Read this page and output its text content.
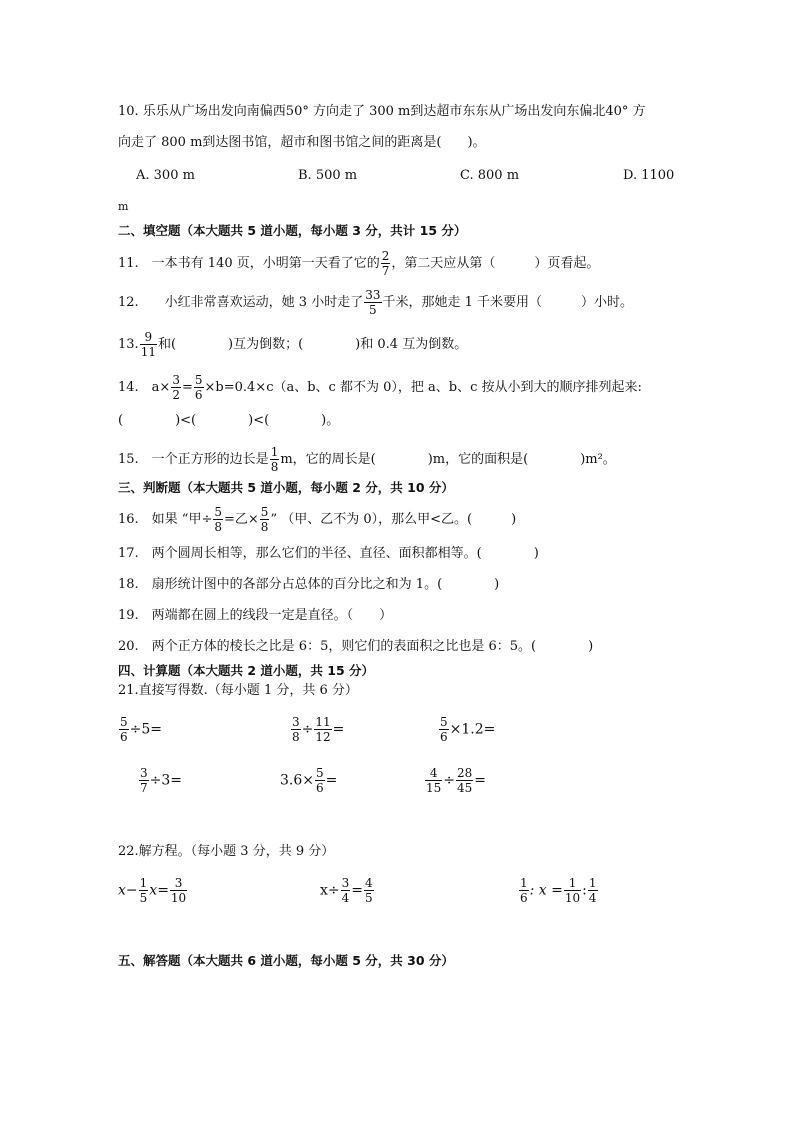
10. 乐乐从广场出发向南偏西50° 方向走了 300 m到达超市东东从广场出发向东偏北40° 方
向走了 800 m到达图书馆，超市和图书馆之间的距离是(　　)。
A. 300 m	B. 500 m	C. 800 m	D. 1100
m
二、填空题（本大题共 5 道小题，每小题 3 分，共计 15 分）
11.　一本书有 140 页，小明第一天看了它的 $\frac{2}{7}$ ，第二天应从第（　　　）页看起。
12.　　小红非常喜欢运动，她 3 小时走了 $\frac{33}{5}$ 千米，那她走 1 千米要用（　　　）小时。
13. $\frac{9}{11}$ 和(　　　　)互为倒数；(　　　　)和 0.4 互为倒数。
14.　$a\times \frac{3}{2} = \frac{5}{6} \times b=0.4\times c(a$、b、c 都不为 0），把 a、b、c 按从小到大的顺序排列起来:
(　　　　)<(　　　　)<(　　　　)。
15.　一个正方形的边长是 $\frac{1}{8}$ m，它的周长是(　　　　)m，它的面积是(　　　　)m²。
三、判断题（本大题共 5 道小题，每小题 2 分，共 10 分）
16.　如果 “甲÷ $\frac{5}{8}$ =乙× $\frac{5}{8}$ ” （甲、乙不为 0），那么甲<乙。(　　　)
17.　两个圆周长相等，那么它们的半径、直径、面积都相等。(　　　　)
18.　扇形统计图中的各部分占总体的百分比之和为 1。(　　　　)
19.　两端都在圆上的线段一定是直径。（　　）
20.　两个正方体的棱长之比是 6：5，则它们的表面积之比也是 6：5。(　　　　)
四、计算题（本大题共 2 道小题，共 15 分）
21.直接写得数.（每小题 1 分，共 6 分）
$\frac{5}{6} \div 5=$	$\frac{3}{8} \div \frac{11}{12}$ =	$\frac{5}{6} \times 1.2=$
$\frac{3}{7} \div 3=$	$3.6\times \frac{5}{6}$ =	$\frac{4}{15} \div \frac{28}{45}$ =
22.解方程。（每小题 3 分，共 9 分）
$x- \frac{1}{5} x= \frac{3}{10}$	$x\div \frac{3}{4} = \frac{4}{5}$	$\frac{1}{6}$ : $x = \frac{1}{10}$ : $\frac{1}{4}$
五、解答题（本大题共 6 道小题，每小题 5 分，共 30 分）
